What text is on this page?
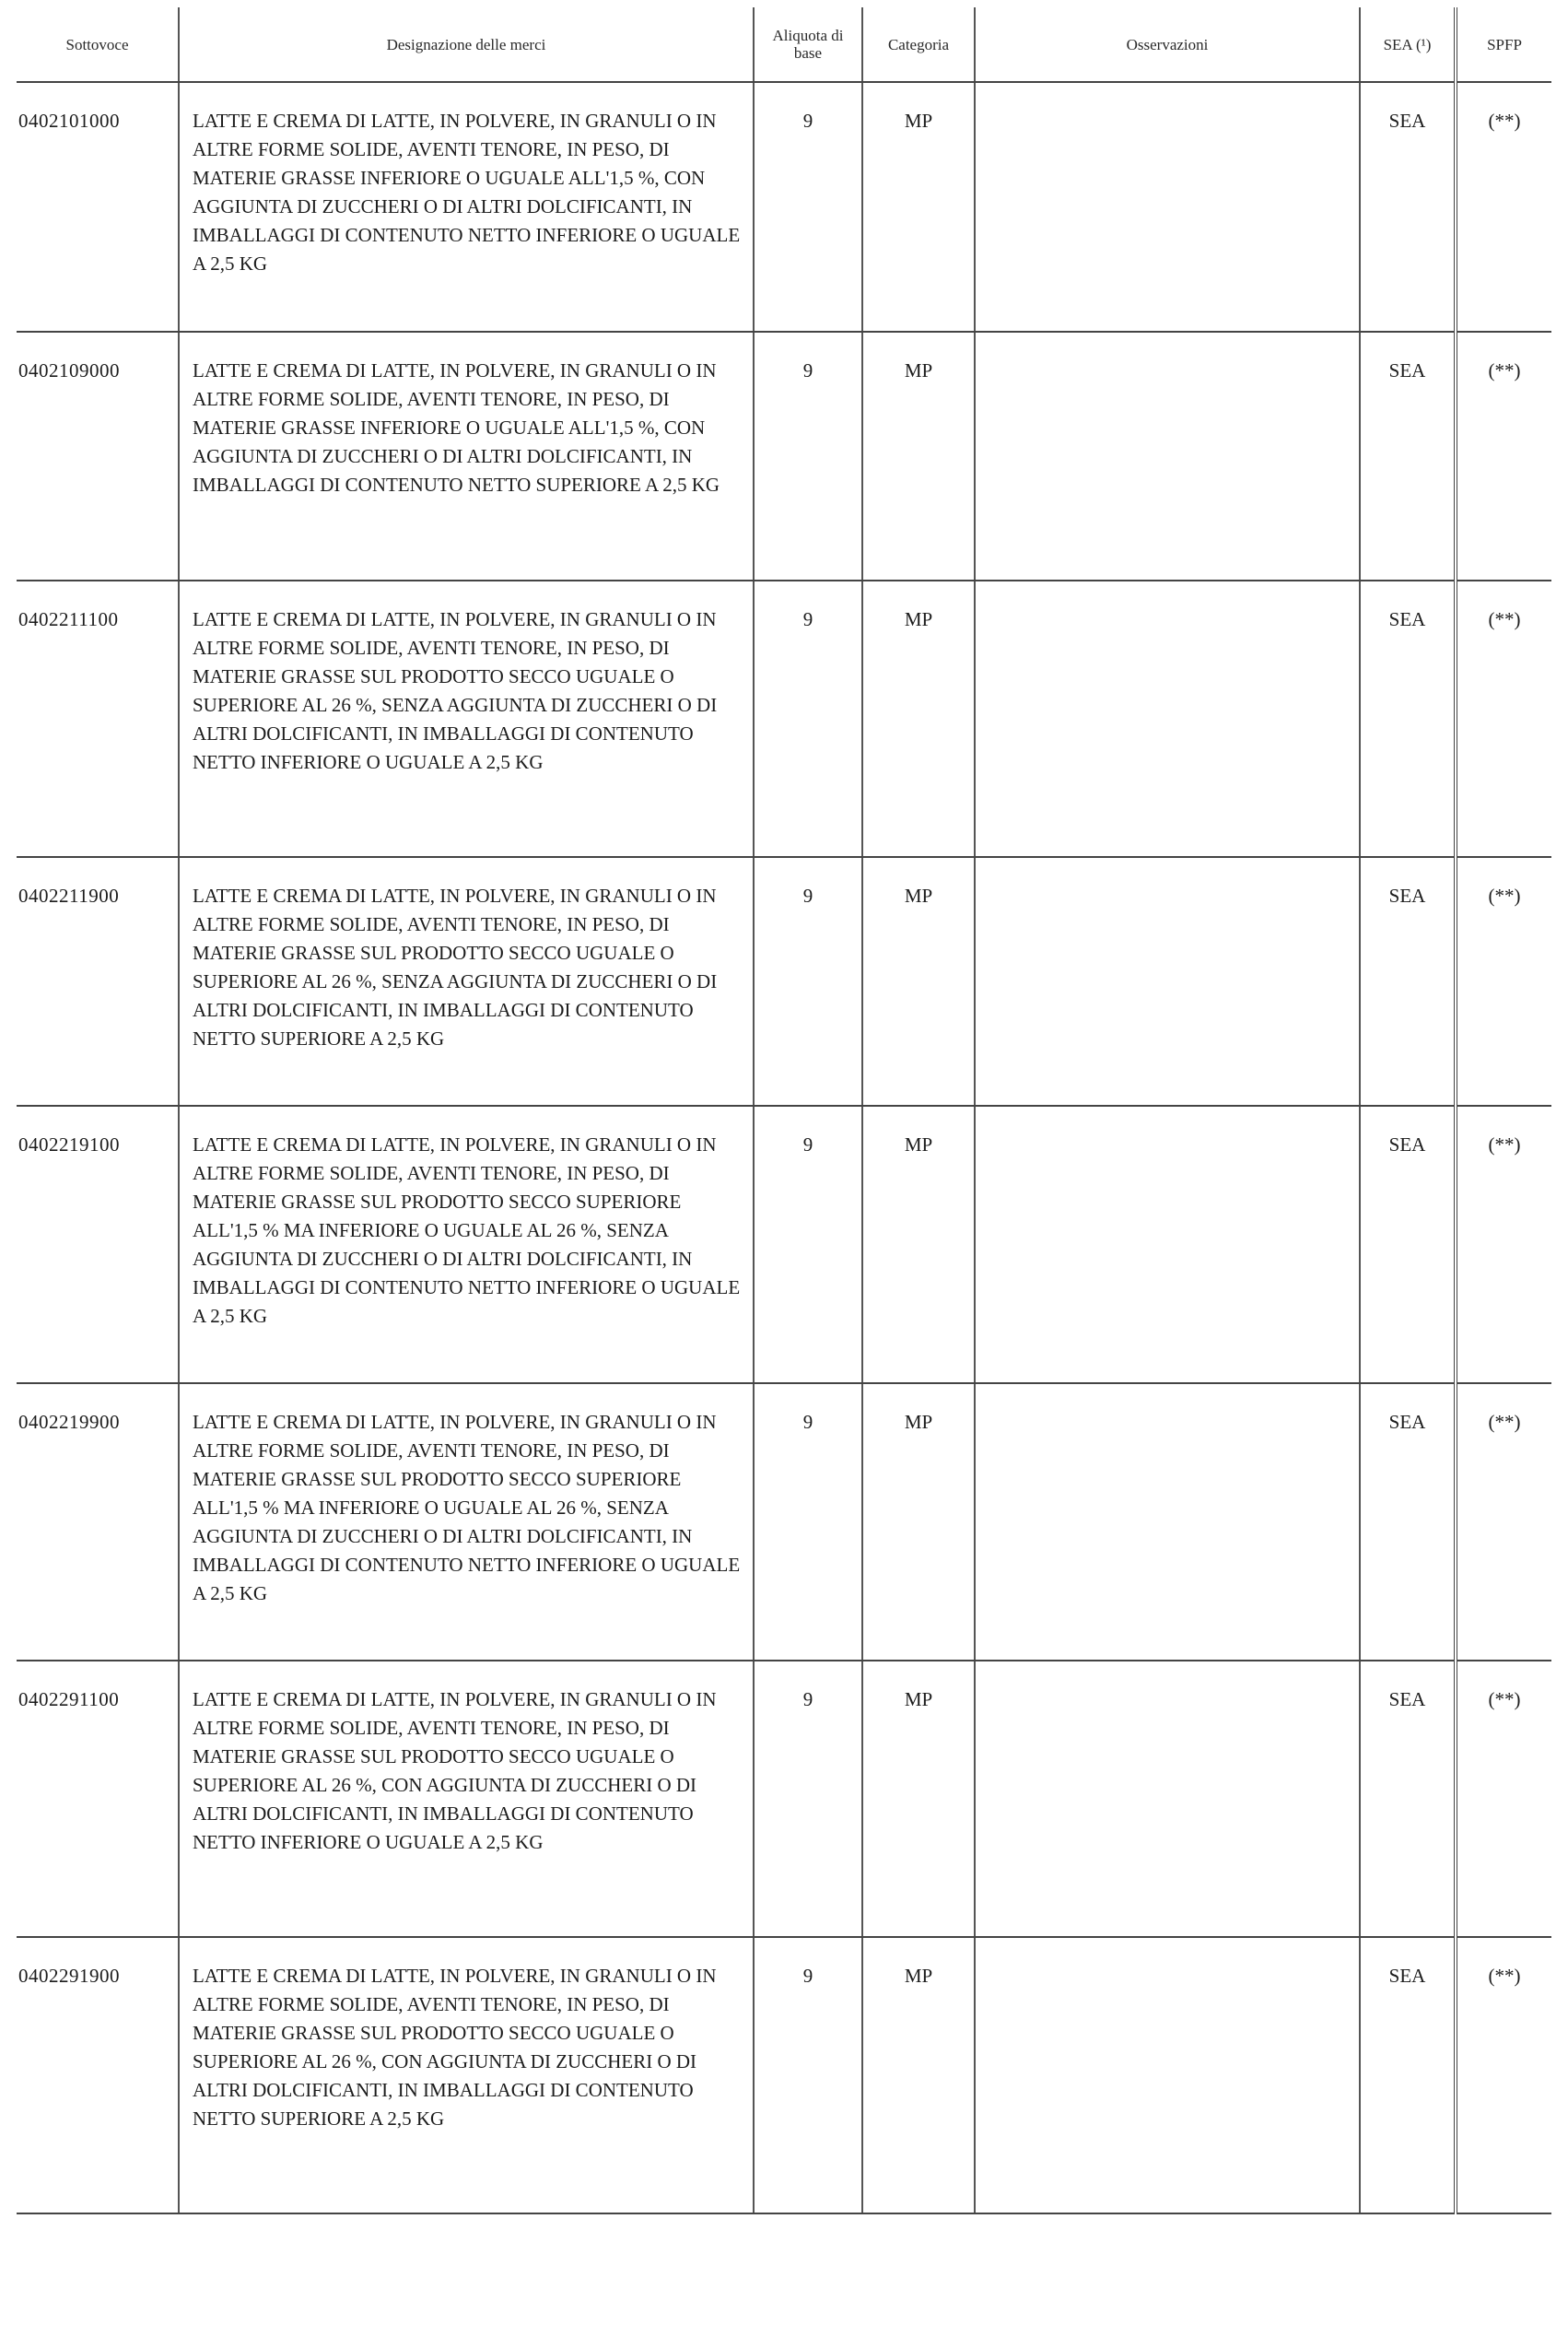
Sottovoce	Designazione delle merci	Aliquota di base	Categoria	Osservazioni	SEA (¹)	SPFP
0402101000	LATTE E CREMA DI LATTE, IN POLVERE, IN GRANULI O IN ALTRE FORME SOLIDE, AVENTI TENORE, IN PESO, DI MATERIE GRASSE INFERIORE O UGUALE ALL'1,5 %, CON AGGIUNTA DI ZUCCHERI O DI ALTRI DOLCIFICANTI, IN IMBALLAGGI DI CONTENUTO NETTO INFERIORE O UGUALE A 2,5 KG	9	MP		SEA	(**)
0402109000	LATTE E CREMA DI LATTE, IN POLVERE, IN GRANULI O IN ALTRE FORME SOLIDE, AVENTI TENORE, IN PESO, DI MATERIE GRASSE INFERIORE O UGUALE ALL'1,5 %, CON AGGIUNTA DI ZUCCHERI O DI ALTRI DOLCIFICANTI, IN IMBALLAGGI DI CONTENUTO NETTO SUPERIORE A 2,5 KG	9	MP		SEA	(**)
0402211100	LATTE E CREMA DI LATTE, IN POLVERE, IN GRANULI O IN ALTRE FORME SOLIDE, AVENTI TENORE, IN PESO, DI MATERIE GRASSE SUL PRODOTTO SECCO UGUALE O SUPERIORE AL 26 %, SENZA AGGIUNTA DI ZUCCHERI O DI ALTRI DOLCIFICANTI, IN IMBALLAGGI DI CONTENUTO NETTO INFERIORE O UGUALE A 2,5 KG	9	MP		SEA	(**)
0402211900	LATTE E CREMA DI LATTE, IN POLVERE, IN GRANULI O IN ALTRE FORME SOLIDE, AVENTI TENORE, IN PESO, DI MATERIE GRASSE SUL PRODOTTO SECCO UGUALE O SUPERIORE AL 26 %, SENZA AGGIUNTA DI ZUCCHERI O DI ALTRI DOLCIFICANTI, IN IMBALLAGGI DI CONTENUTO NETTO SUPERIORE A 2,5 KG	9	MP		SEA	(**)
0402219100	LATTE E CREMA DI LATTE, IN POLVERE, IN GRANULI O IN ALTRE FORME SOLIDE, AVENTI TENORE, IN PESO, DI MATERIE GRASSE SUL PRODOTTO SECCO SUPERIORE ALL'1,5 % MA INFERIORE O UGUALE AL 26 %, SENZA AGGIUNTA DI ZUCCHERI O DI ALTRI DOLCIFICANTI, IN IMBALLAGGI DI CONTENUTO NETTO INFERIORE O UGUALE A 2,5 KG	9	MP		SEA	(**)
0402219900	LATTE E CREMA DI LATTE, IN POLVERE, IN GRANULI O IN ALTRE FORME SOLIDE, AVENTI TENORE, IN PESO, DI MATERIE GRASSE SUL PRODOTTO SECCO SUPERIORE ALL'1,5 % MA INFERIORE O UGUALE AL 26 %, SENZA AGGIUNTA DI ZUCCHERI O DI ALTRI DOLCIFICANTI, IN IMBALLAGGI DI CONTENUTO NETTO INFERIORE O UGUALE A 2,5 KG	9	MP		SEA	(**)
0402291100	LATTE E CREMA DI LATTE, IN POLVERE, IN GRANULI O IN ALTRE FORME SOLIDE, AVENTI TENORE, IN PESO, DI MATERIE GRASSE SUL PRODOTTO SECCO UGUALE O SUPERIORE AL 26 %, CON AGGIUNTA DI ZUCCHERI O DI ALTRI DOLCIFICANTI, IN IMBALLAGGI DI CONTENUTO NETTO INFERIORE O UGUALE A 2,5 KG	9	MP		SEA	(**)
0402291900	LATTE E CREMA DI LATTE, IN POLVERE, IN GRANULI O IN ALTRE FORME SOLIDE, AVENTI TENORE, IN PESO, DI MATERIE GRASSE SUL PRODOTTO SECCO UGUALE O SUPERIORE AL 26 %, CON AGGIUNTA DI ZUCCHERI O DI ALTRI DOLCIFICANTI, IN IMBALLAGGI DI CONTENUTO NETTO SUPERIORE A 2,5 KG	9	MP		SEA	(**)
